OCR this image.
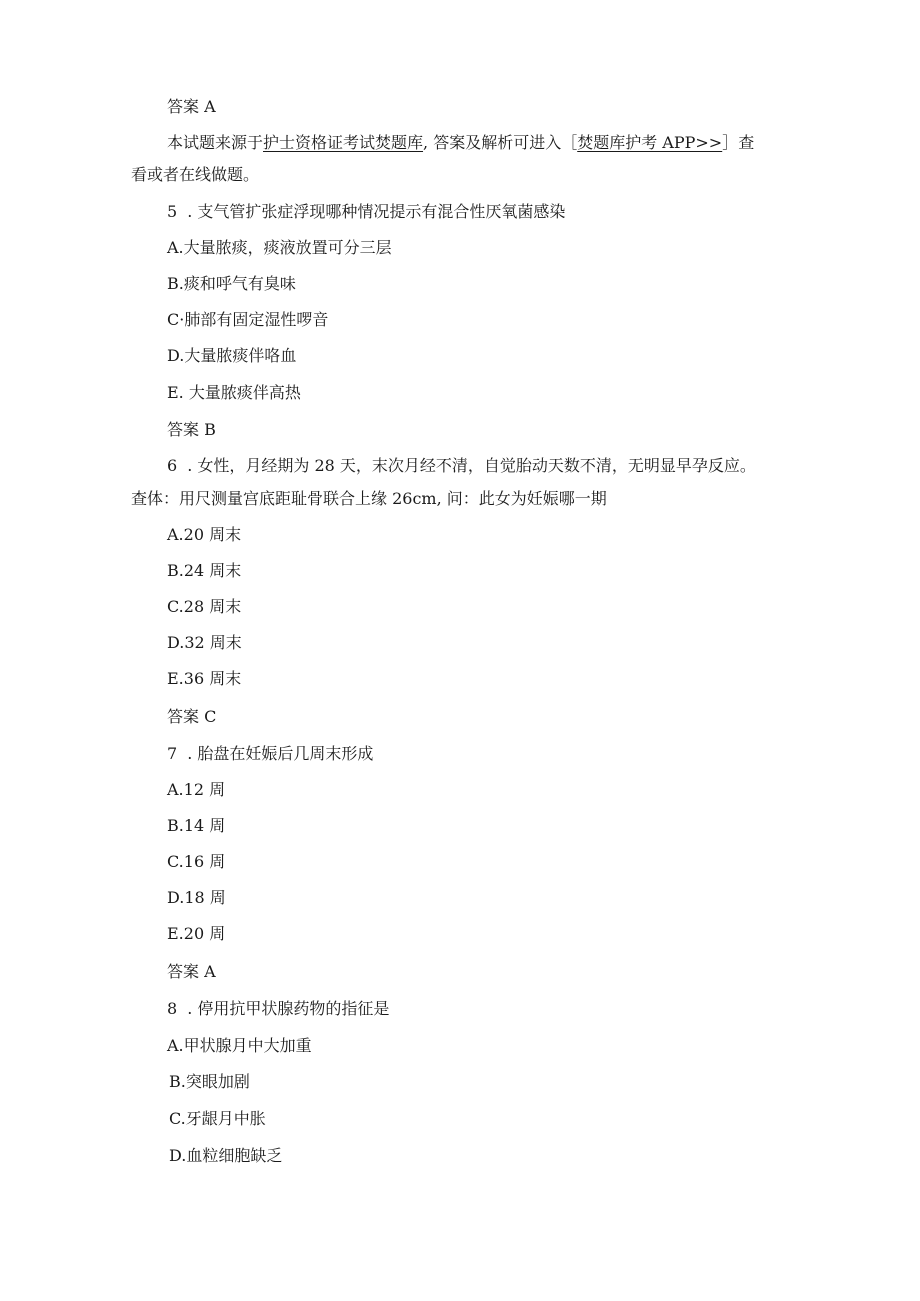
答案 A
本试题来源于护士资格证考试焚题库, 答案及解析可进入［焚题库护考 APP>>］查
看或者在线做题。
5 . 支气管扩张症浮现哪种情况提示有混合性厌氧菌感染
A.大量脓痰，痰液放置可分三层
B.痰和呼气有臭味
C·肺部有固定湿性啰音
D.大量脓痰伴咯血
E. 大量脓痰伴高热
答案 B
6 . 女性，月经期为 28 天，末次月经不清，自觉胎动天数不清，无明显早孕反应。
查体：用尺测量宫底距耻骨联合上缘 26cm, 问：此女为妊娠哪一期
A.20 周末
B.24 周末
C.28 周末
D.32 周末
E.36 周末
答案 C
7 . 胎盘在妊娠后几周末形成
A.12 周
B.14 周
C.16 周
D.18 周
E.20 周
答案 A
8 . 停用抗甲状腺药物的指征是
A.甲状腺月中大加重
B.突眼加剧
C.牙龈月中胀
D.血粒细胞缺乏
